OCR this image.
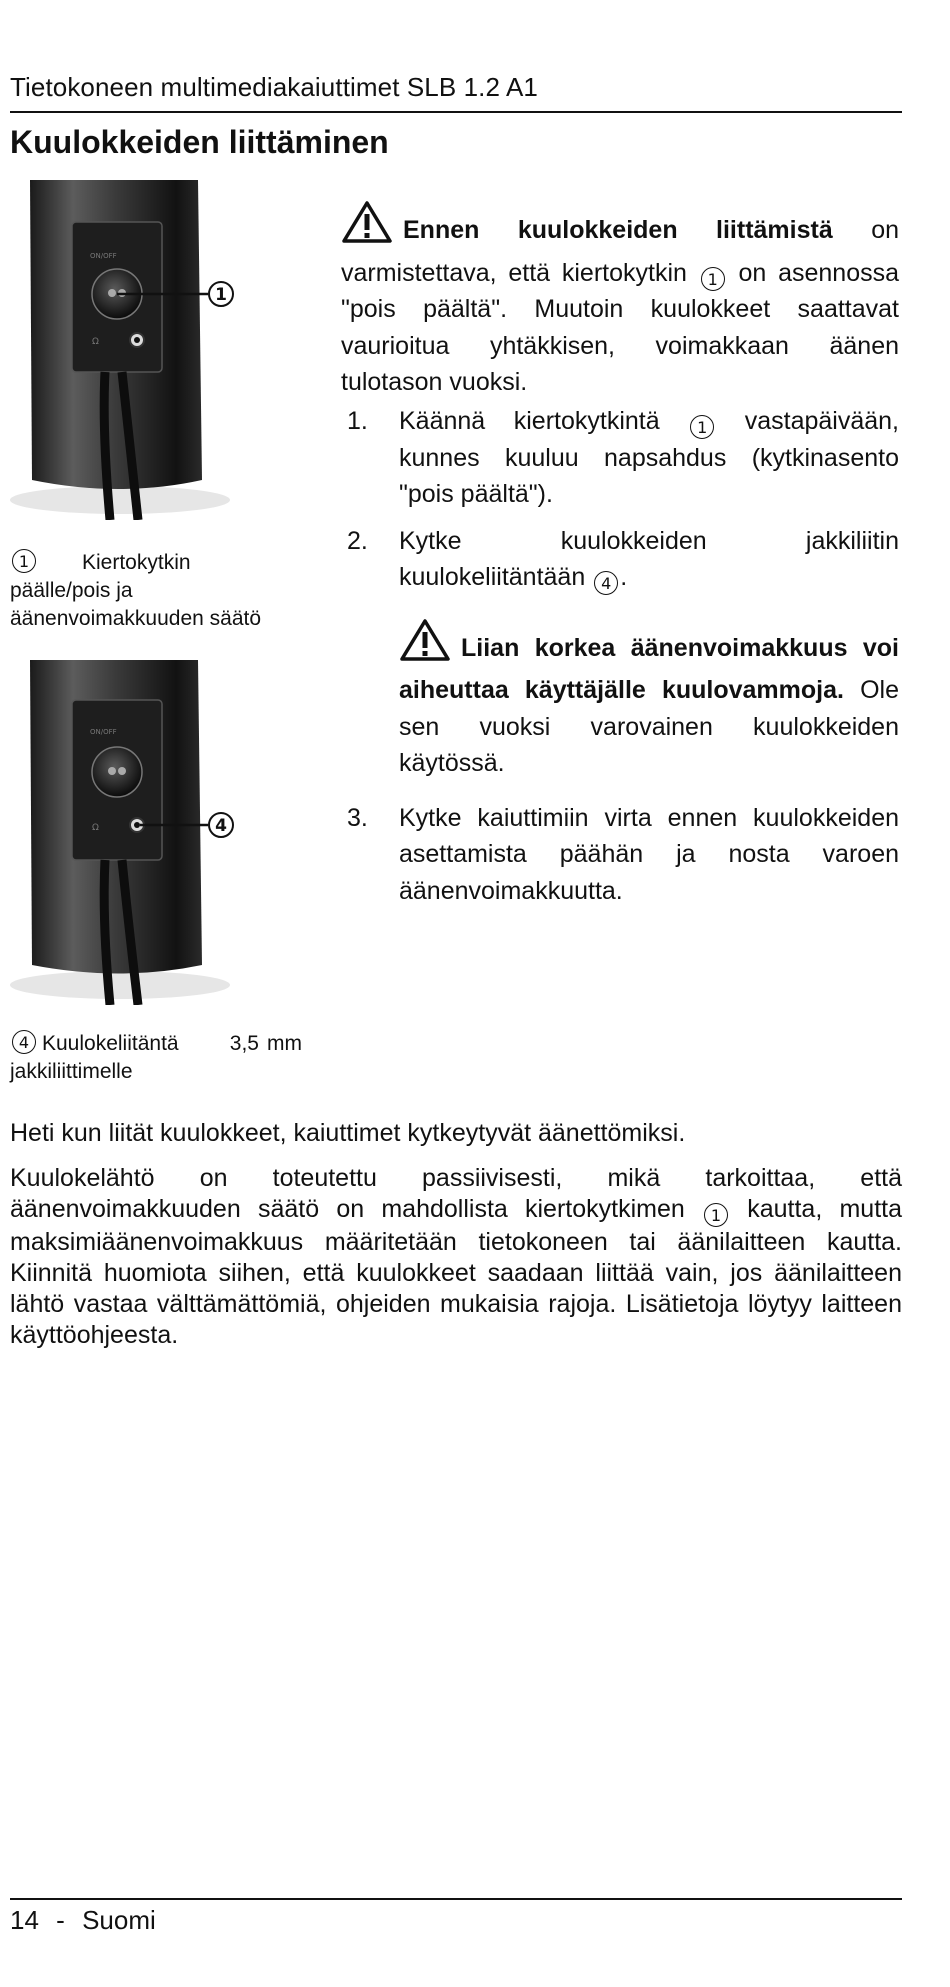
Tietokoneen multimediakaiuttimet SLB 1.2 A1
Kuulokkeiden liittäminen
ON/OFF
Ω
1
1	Kiertokytkin
päälle/pois ja äänenvoimakkuuden säätö
ON/OFF
Ω	4
4 Kuulokeliitäntä 3,5 mm
jakkiliittimelle
Ennen kuulokkeiden liittämistä on varmistettava, että kiertokytkin 1 on asennossa "pois päältä". Muutoin kuulokkeet saattavat vaurioitua yhtäkkisen, voimakkaan äänen tulotason vuoksi.
1.	Käännä kiertokytkintä 1 vastapäivään, kunnes kuuluu napsahdus (kytkinasento "pois päältä").
2.	Kytke kuulokkeiden jakkiliitin kuulokeliitäntään 4 .
Liian korkea äänenvoimakkuus voi aiheuttaa käyttäjälle kuulovammoja. Ole sen vuoksi varovainen kuulokkeiden käytössä.
3.	Kytke kaiuttimiin virta ennen kuulokkeiden asettamista päähän ja nosta varoen äänenvoimakkuutta.
Heti kun liität kuulokkeet, kaiuttimet kytkeytyvät äänettömiksi.
Kuulokelähtö on toteutettu passiivisesti, mikä tarkoittaa, että äänenvoimakkuuden säätö on mahdollista kiertokytkimen 1 kautta, mutta maksimiäänenvoimakkuus määritetään tietokoneen tai äänilaitteen kautta. Kiinnitä huomiota siihen, että kuulokkeet saadaan liittää vain, jos äänilaitteen lähtö vastaa välttämättömiä, ohjeiden mukaisia rajoja. Lisätietoja löytyy laitteen käyttöohjeesta.
14 - Suomi
